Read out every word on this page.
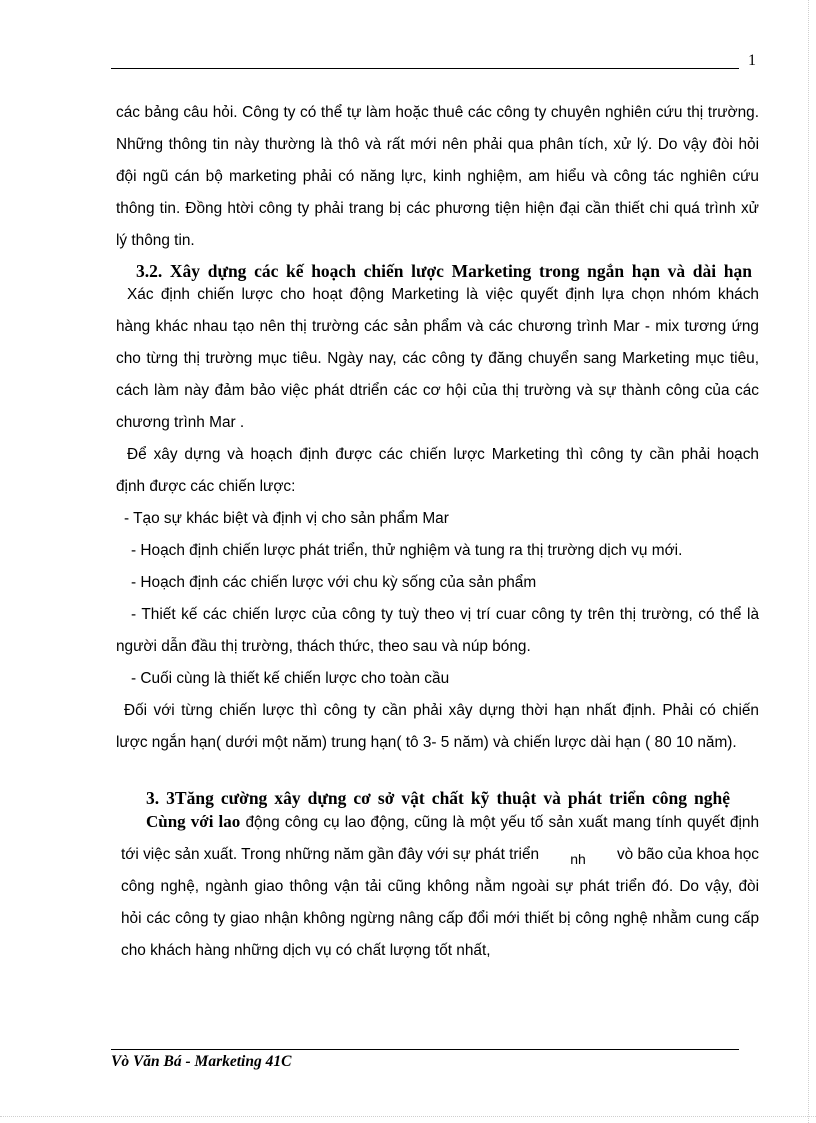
1
các bảng câu hỏi. Công ty có thể tự làm hoặc thuê các công ty chuyên nghiên cứu thị trường.
Những thông tin này thường là thô và rất mới nên phải qua phân tích, xử lý. Do vậy đòi hỏi
đội ngũ cán bộ marketing phải có năng lực, kinh nghiệm, am hiểu và công tác nghiên cứu
thông tin. Đồng htời công ty phải trang bị các phương tiện hiện đại cần thiết chi quá trình xử
lý thông tin.
3.2. Xây dựng các kế hoạch chiến lược Marketing trong ngắn hạn và dài hạn
Xác định chiến lược cho hoạt động Marketing là việc quyết định lựa chọn nhóm khách
hàng khác nhau tạo nên thị trường các sản phẩm và các chương trình Mar - mix tương ứng
cho từng thị trường mục tiêu. Ngày nay, các công ty đăng chuyển sang Marketing mục tiêu,
cách làm này đảm bảo việc phát dtriển các cơ hội của thị trường và sự thành công của các
chương trình Mar .
Để xây dựng và hoạch định được các chiến lược Marketing thì công ty cần phải hoạch
định được các chiến lược:
- Tạo sự khác biệt và định vị cho sản phẩm Mar
- Hoạch định chiến lược phát triển, thử nghiệm và tung ra thị trường dịch vụ mới.
- Hoạch định các chiến lược với chu kỳ sống của sản phẩm
- Thiết kế các chiến lược của công ty tuỳ theo vị trí cuar công ty trên thị trường, có thể là
người dẫn đầu thị trường, thách thức, theo sau và núp bóng.
- Cuối cùng là thiết kế chiến lược cho toàn cầu
Đối với từng chiến lược thì công ty cần phải xây dựng thời hạn nhất định. Phải có chiến
lược ngắn hạn( dưới một năm) trung hạn( tô 3- 5 năm) và chiến lược dài hạn ( 80 10 năm).
3. 3Tăng cường xây dựng cơ sở vật chất kỹ thuật và phát triển công nghệ
Cùng với lao động công cụ lao động, cũng là một yếu tố sản xuất mang tính quyết định
tới việc sản xuất. Trong những năm gần đây với sự phát triển nh vò bão của khoa học
công nghệ, ngành giao thông vận tải cũng không nằm ngoài sự phát triển đó. Do vậy, đòi
hỏi các công ty giao nhận không ngừng nâng cấp đổi mới thiết bị công nghệ nhằm cung cấp
cho khách hàng những dịch vụ có chất lượng tốt nhất,
Vò Văn Bá - Marketing 41C
